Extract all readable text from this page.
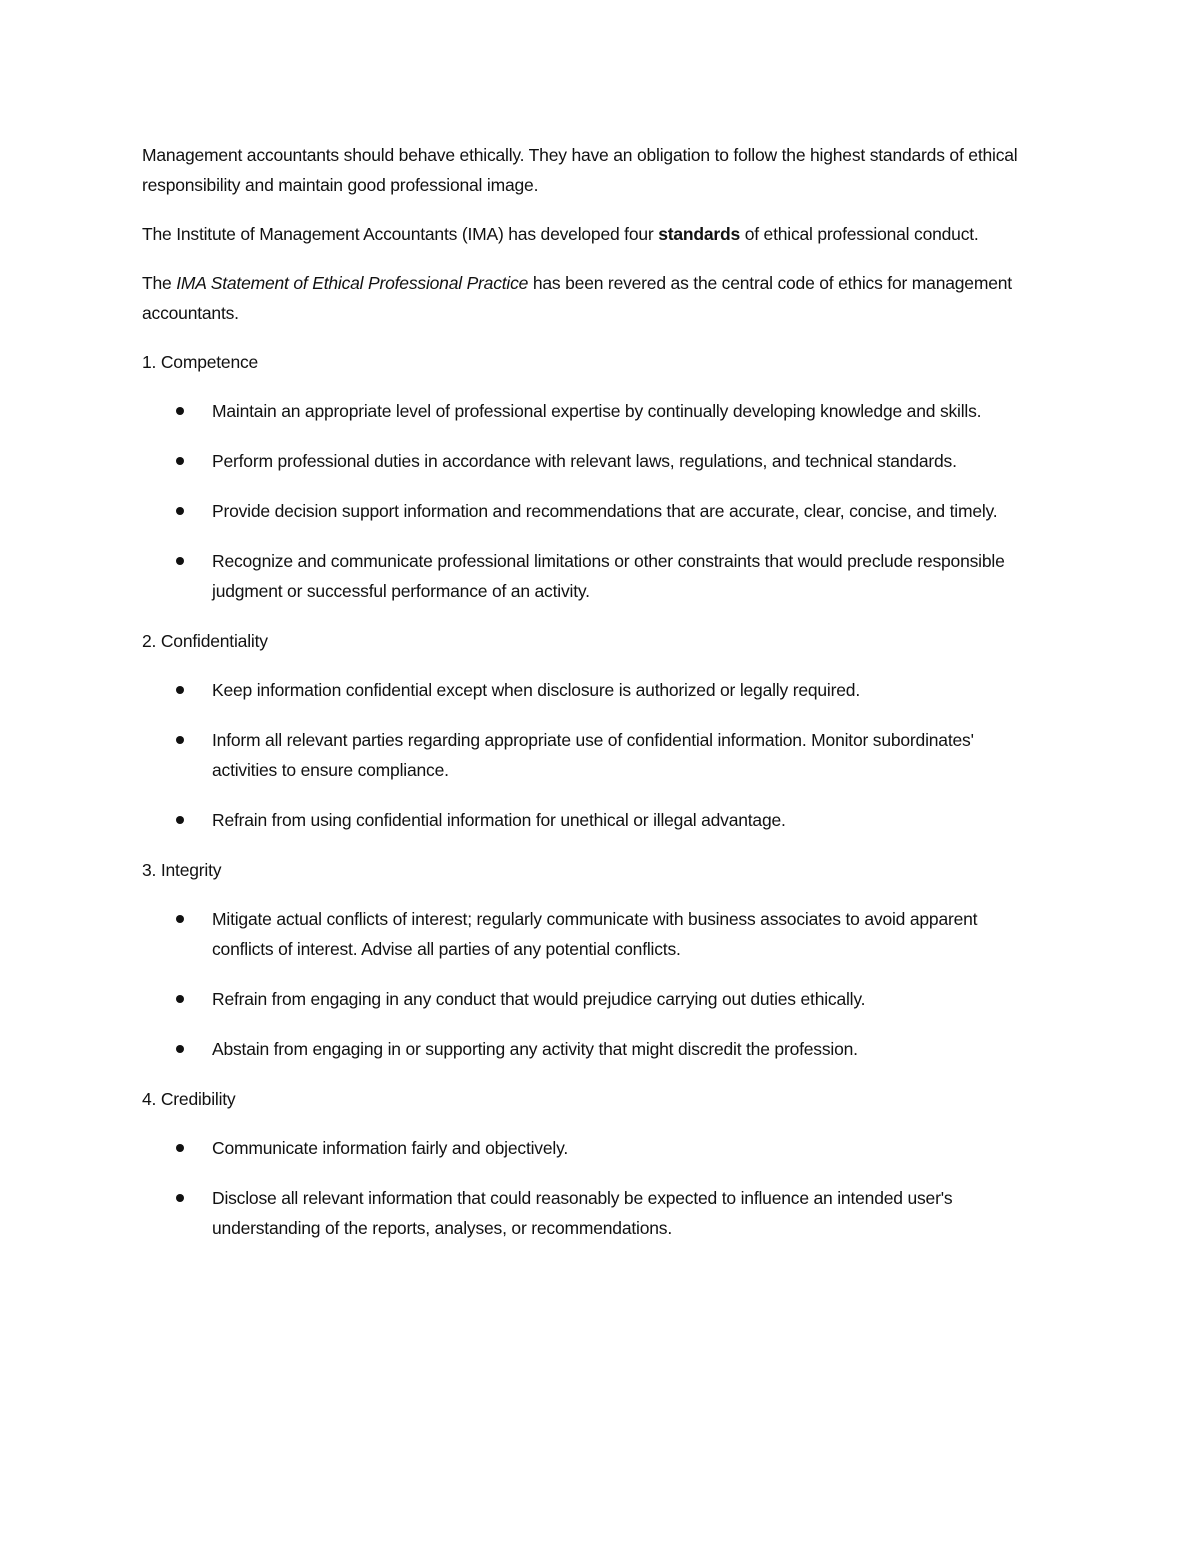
Management accountants should behave ethically. They have an obligation to follow the highest standards of ethical responsibility and maintain good professional image.

The Institute of Management Accountants (IMA) has developed four standards of ethical professional conduct.

The IMA Statement of Ethical Professional Practice has been revered as the central code of ethics for management accountants.

1. Competence
Maintain an appropriate level of professional expertise by continually developing knowledge and skills.
Perform professional duties in accordance with relevant laws, regulations, and technical standards.
Provide decision support information and recommendations that are accurate, clear, concise, and timely.
Recognize and communicate professional limitations or other constraints that would preclude responsible judgment or successful performance of an activity.
2. Confidentiality
Keep information confidential except when disclosure is authorized or legally required.
Inform all relevant parties regarding appropriate use of confidential information. Monitor subordinates' activities to ensure compliance.
Refrain from using confidential information for unethical or illegal advantage.
3. Integrity
Mitigate actual conflicts of interest; regularly communicate with business associates to avoid apparent conflicts of interest. Advise all parties of any potential conflicts.
Refrain from engaging in any conduct that would prejudice carrying out duties ethically.
Abstain from engaging in or supporting any activity that might discredit the profession.
4. Credibility
Communicate information fairly and objectively.
Disclose all relevant information that could reasonably be expected to influence an intended user's understanding of the reports, analyses, or recommendations.
